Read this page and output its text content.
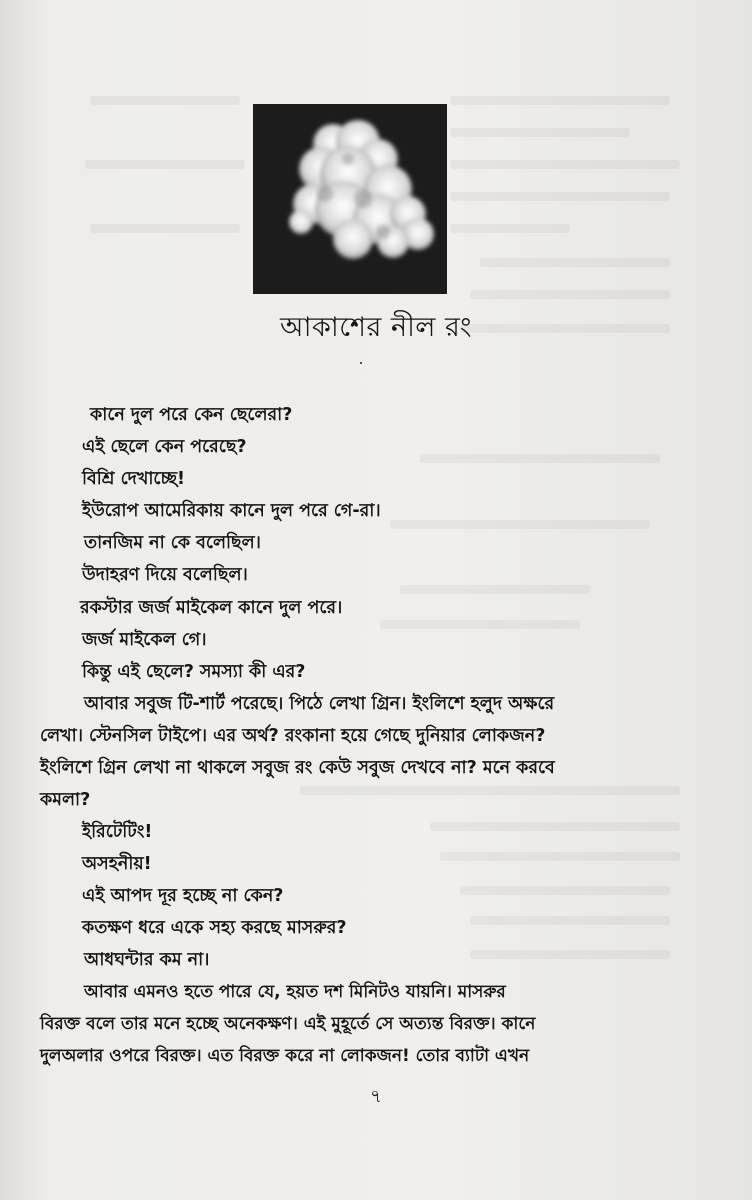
আকাশের নীল রং
কানে দুল পরে কেন ছেলেরা?
এই ছেলে কেন পরেছে?
বিশ্রি দেখাচ্ছে!
ইউরোপ আমেরিকায় কানে দুল পরে গে-রা।
তানজিম না কে বলেছিল।
উদাহরণ দিয়ে বলেছিল।
রকস্টার জর্জ মাইকেল কানে দুল পরে।
জর্জ মাইকেল গে।
কিন্তু এই ছেলে? সমস্যা কী এর?
আবার সবুজ টি-শার্ট পরেছে। পিঠে লেখা গ্রিন। ইংলিশে হলুদ অক্ষরে
লেখা। স্টেনসিল টাইপে। এর অর্থ? রংকানা হয়ে গেছে দুনিয়ার লোকজন?
ইংলিশে গ্রিন লেখা না থাকলে সবুজ রং কেউ সবুজ দেখবে না? মনে করবে
কমলা?
ইরিটেটিং!
অসহনীয়!
এই আপদ দূর হচ্ছে না কেন?
কতক্ষণ ধরে একে সহ্য করছে মাসরুর?
আধঘন্টার কম না।
আবার এমনও হতে পারে যে, হয়ত দশ মিনিটও যায়নি। মাসরুর
বিরক্ত বলে তার মনে হচ্ছে অনেকক্ষণ। এই মুহূর্তে সে অত্যন্ত বিরক্ত। কানে
দুলঅলার ওপরে বিরক্ত। এত বিরক্ত করে না লোকজন! তোর ব্যাটা এখন
৭
